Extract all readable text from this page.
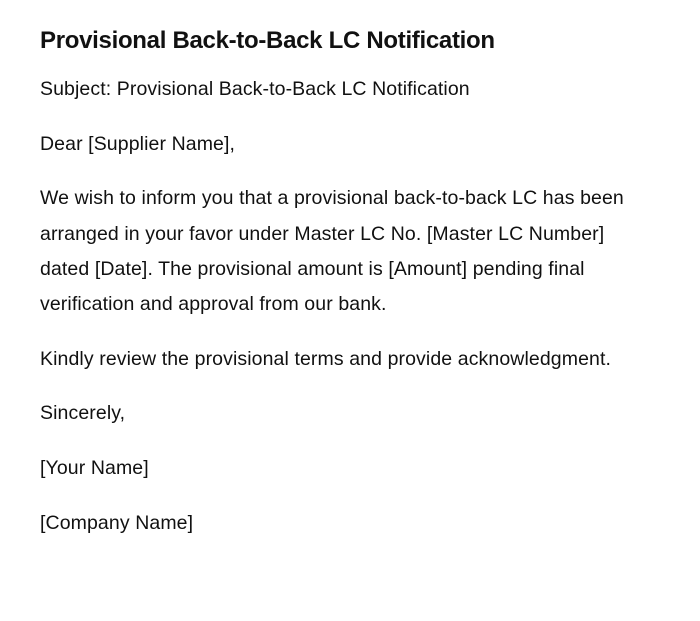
Provisional Back-to-Back LC Notification

Subject: Provisional Back-to-Back LC Notification

Dear [Supplier Name],

We wish to inform you that a provisional back-to-back LC has been arranged in your favor under Master LC No. [Master LC Number] dated [Date]. The provisional amount is [Amount] pending final verification and approval from our bank.

Kindly review the provisional terms and provide acknowledgment.

Sincerely,

[Your Name]

[Company Name]
